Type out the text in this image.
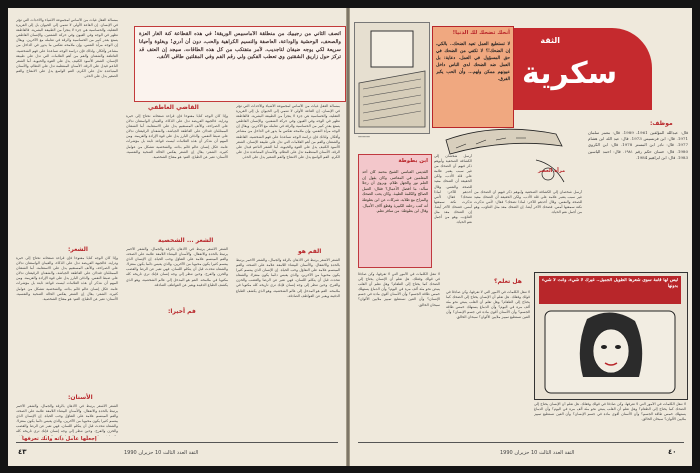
أتصف الثاني من رجيبيك من منطلقة الأماسبيس الوريقة! في هذه القطاعة كنة الغار العزة والصحف، الوحشية والوداعة، العاصفة والنسيم الكراهية والحب، دون أن أدري! وبغلوة وأحيانا سريعة لكي يوجه ضيفان لتاجديب، لأمر متفتكب من كل هذه الطاقات، سيجد إن العتف قد تركز حول زاريق الشقتين وي تعطب الفكين ولي رقم الفم وفي المقلتين طاقي الأنف.
بمسألة العقل غياث من الأساس لمجموعة الأشياء والأحداث التي تؤثر في الإنسان. إن القاعة الأولى لا تنتمي إلى الحيوان بل إلى الغريزة العقلية، والحساسية هي جزء لا يتجزأ من الطبيعة البشرية. فالعاطفة تظهر في الوجه وفي العيون وفي حركة الشفتين، والإنسان العاطفي يتمتع بقدر كبير من الحساسية والرقة في تعامله مع الآخرين. ويقال إن الوجه مرآة النفس، وإن ملامحه تعكس ما يدور في الداخل من مشاعر وأفكار. ولذلك فإن دراسة الوجه تساعدنا على فهم الشخصية. العاطفة والشفتان والفم من أهم العلامات التي تدل على طبيعة الإنسان. الشعر الأسود الكثيف يدل على القوة والحيوية، أما الشعر الناعم فيدل على الرقة. الأسنان المنتظمة تدل على النظام، والأسنان المتباعدة تدل على الكرم. الفم الواسع يدل على الانفتاح والفم الصغير يدل على الحذر.
الشعر:
وإذا كان الوجه كتابا مفتوحا فإن قراءة صفحاته تحتاج إلى خبرة ودراية. فالجبهة العريضة تدل على الذكاء، والعينان الواسعتان تدلان على الصراحة، والأنف المستقيم يدل على الاستقامة. أما الشفتان الممتلئتان فتدلان على العاطفة الجياشة، والشفتان الرقيقتان تدلان على ضبط النفس. والذقن البارز يدل على قوة الإرادة والعزيمة. ومن المهم أن نتذكر أن هذه العلامات ليست قواعد ثابتة بل مؤشرات عامة. فكل إنسان عالم قائم بذاته، والشخصية تتشكل من عوامل كثيرة. الشعر: يقال إن الشعر يعكس الحالة الصحية والنفسية. الأسنان: تعبر عن الطباع. الفم: هو مفتاح الشخصية.
الأسنان:
الشعر الأشقر يرتبط في الأذهان بالرقة والجمال، والشعر الأحمر يرتبط بالحدة والانفعال. والأسنان البيضاء اللامعة علامة على الصحة، والفم المبتسم علامة على التفاؤل وحب الحياة. إن الإنسان الذي يبتسم كثيرا يكون محبوبا من الآخرين، والذي يعبس دائما يكون منعزلا. والشفاه تتحدث قبل أن يتكلم اللسان، فهي تعبر عن الرضا والغضب والحزن والفرح. وحين تنظر إلى وجه إنسان فإنك ترى تاريخه كله
إجعلها عامل ذاته وانك تعرفها
القاضي العاطفي
وإذا كان الوجه كتابا مفتوحا فإن قراءة صفحاته تحتاج إلى خبرة ودراية. فالجبهة العريضة تدل على الذكاء، والعينان الواسعتان تدلان على الصراحة، والأنف المستقيم يدل على الاستقامة. أما الشفتان الممتلئتان فتدلان على العاطفة الجياشة، والشفتان الرقيقتان تدلان على ضبط النفس. والذقن البارز يدل على قوة الإرادة والعزيمة. ومن المهم أن نتذكر أن هذه العلامات ليست قواعد ثابتة بل مؤشرات عامة. فكل إنسان عالم قائم بذاته، والشخصية تتشكل من عوامل كثيرة. الشعر: يقال إن الشعر يعكس الحالة الصحية والنفسية. الأسنان: تعبر عن الطباع. الفم: هو مفتاح الشخصية.
الشعر ... الشخصية
الشعر الأشقر يرتبط في الأذهان بالرقة والجمال، والشعر الأحمر يرتبط بالحدة والانفعال. والأسنان البيضاء اللامعة علامة على الصحة، والفم المبتسم علامة على التفاؤل وحب الحياة. إن الإنسان الذي يبتسم كثيرا يكون محبوبا من الآخرين، والذي يعبس دائما يكون منعزلا. والشفاه تتحدث قبل أن يتكلم اللسان، فهي تعبر عن الرضا والغضب والحزن والفرح. وحين تنظر إلى وجه إنسان فإنك ترى تاريخه كله مكتوبا في ملامحه. الفم هو المدخل إلى عالم الشخصية، وهو الذي يكشف الطباع الدفينة ويعبر عن العواطف الصادقة.
فم أخيرا:
بمسألة العقل غياث من الأساس لمجموعة الأشياء والأحداث التي تؤثر في الإنسان. إن القاعة الأولى لا تنتمي إلى الحيوان بل إلى الغريزة العقلية، والحساسية هي جزء لا يتجزأ من الطبيعة البشرية. فالعاطفة تظهر في الوجه وفي العيون وفي حركة الشفتين، والإنسان العاطفي يتمتع بقدر كبير من الحساسية والرقة في تعامله مع الآخرين. ويقال إن الوجه مرآة النفس، وإن ملامحه تعكس ما يدور في الداخل من مشاعر وأفكار. ولذلك فإن دراسة الوجه تساعدنا على فهم الشخصية. العاطفة والشفتان والفم من أهم العلامات التي تدل على طبيعة الإنسان. الشعر الأسود الكثيف يدل على القوة والحيوية، أما الشعر الناعم فيدل على الرقة. الأسنان المنتظمة تدل على النظام، والأسنان المتباعدة تدل على الكرم. الفم الواسع يدل على الانفتاح والفم الصغير يدل على الحذر.
الفم هو
الشعر الأشقر يرتبط في الأذهان بالرقة والجمال، والشعر الأحمر يرتبط بالحدة والانفعال. والأسنان البيضاء اللامعة علامة على الصحة، والفم المبتسم علامة على التفاؤل وحب الحياة. إن الإنسان الذي يبتسم كثيرا يكون محبوبا من الآخرين، والذي يعبس دائما يكون منعزلا. والشفاه تتحدث قبل أن يتكلم اللسان، فهي تعبر عن الرضا والغضب والحزن والفرح. وحين تنظر إلى وجه إنسان فإنك ترى تاريخه كله مكتوبا في ملامحه. الفم هو المدخل إلى عالم الشخصية، وهو الذي يكشف الطباع الدفينة ويعبر عن العواطف الصادقة.
٤٣	الثقة العدد الثالث 10 حزيران 1990
———
أنحك تضحك لك الدنيا!
لا تستطيع العمل تعيد الضحك.. بالكي، إن الضحك!؟ لا تكفي من الضحك في حق المسؤول في العمل. دعاية: بل العمل ضد الضحك لدى الناس داخل عيونهم ممكن ولهم... وأن الحب يكبر الفرق.
الثقة
سكرية
موظف:
قال: عبدالله المؤلفين 1961، 1989. قال: معمر سلمان 1971. قال: ابن فرنسيس 1973. قال: عبد الله ابن هشام 1977. قال: نادر ابن المستر 1978. قال: ابن الكروي 1980. قال: حسان حكم رقم ١٩٨١. قال: احمد الياسين 1983. قال: ابن ابراهيم 1984.
مرآة العصر
ابن بطوطة
القديس العباسي الشيخ محمد كان أحد المعلمين في المعاصر، وكان يقول إن العلم نور والجهل ظلام. ويروى أن رجلا سأله: ما أفضل الأعمال؟ فقال: العمل الصالح والكلمة الطيبة. وكان يحب الضحك والمزاح مع طلابه. شركات عن ابن بطوطة أنه كتب رحلته الكبيرة وقطع آلاف الأميال. وقال ابن بطوطة: من سافر تعلم.
أرسل شخصان إلى الكشافة الصحفية وأبوهم ذكر فيهم أن الضحك من غير سبب يعتبر علامة على قلة الأدب، ولكن الحقيقة أن الضحك مفيد للصحة والنفس. وقال أحدهم للآخر: لماذا تضحك؟ فقال: لأنني تذكرت نكتة سمعتها أمس. فضحك الآخر أيضا. إن الضحك معد مثل التثاؤب، وهو من أجمل نعم الحياة.
أرسل شخصان إلى الكشافة الصحفية وأبوهم ذكر فيهم أن الضحك من غير سبب يعتبر علامة على قلة الأدب، ولكن الحقيقة أن الضحك مفيد للصحة والنفس. وقال أحدهم للآخر: لماذا تضحك؟ فقال: لأنني تذكرت نكتة سمعتها أمس. فضحك الآخر أيضا. إن الضحك معد مثل التثاؤب، وهو من أجمل نعم الحياة.
لا تنقل الكلمات في الأمور التي لا تعرفها، وكن صادقا في قولك وفعلك. هل تعلم أن الإنسان يحتاج إلى الضحك كما يحتاج إلى الطعام؟ وهل تعلم أن القلب ينبض نحو مئة ألف مرة في اليوم؟ وأن الدماغ يستهلك خمس طاقة الجسم؟ وأن الأسنان أقوى مادة في جسم الإنسان؟ وأن العين تستطيع تمييز ملايين الألوان؟ سبحان الخالق.
هل تعلم؟
لا تنقل الكلمات في الأمور التي لا تعرفها، وكن صادقا في قولك وفعلك. هل تعلم أن الإنسان يحتاج إلى الضحك كما يحتاج إلى الطعام؟ وهل تعلم أن القلب ينبض نحو مئة ألف مرة في اليوم؟ وأن الدماغ يستهلك خمس طاقة الجسم؟ وأن الأسنان أقوى مادة في جسم الإنسان؟ وأن العين تستطيع تمييز ملايين الألوان؟ سبحان الخالق.
ليس لها قامة سوى شعرها الطويل الجميل.. غيرك لا شيء، وأنت لا شيء بدونها
لا تنقل الكلمات في الأمور التي لا تعرفها، وكن صادقا في قولك وفعلك. هل تعلم أن الإنسان يحتاج إلى الضحك كما يحتاج إلى الطعام؟ وهل تعلم أن القلب ينبض نحو مئة ألف مرة في اليوم؟ وأن الدماغ يستهلك خمس طاقة الجسم؟ وأن الأسنان أقوى مادة في جسم الإنسان؟ وأن العين تستطيع تمييز ملايين الألوان؟ سبحان الخالق.
الثقة العدد الثالث 10 حزيران 1990	٤٠
